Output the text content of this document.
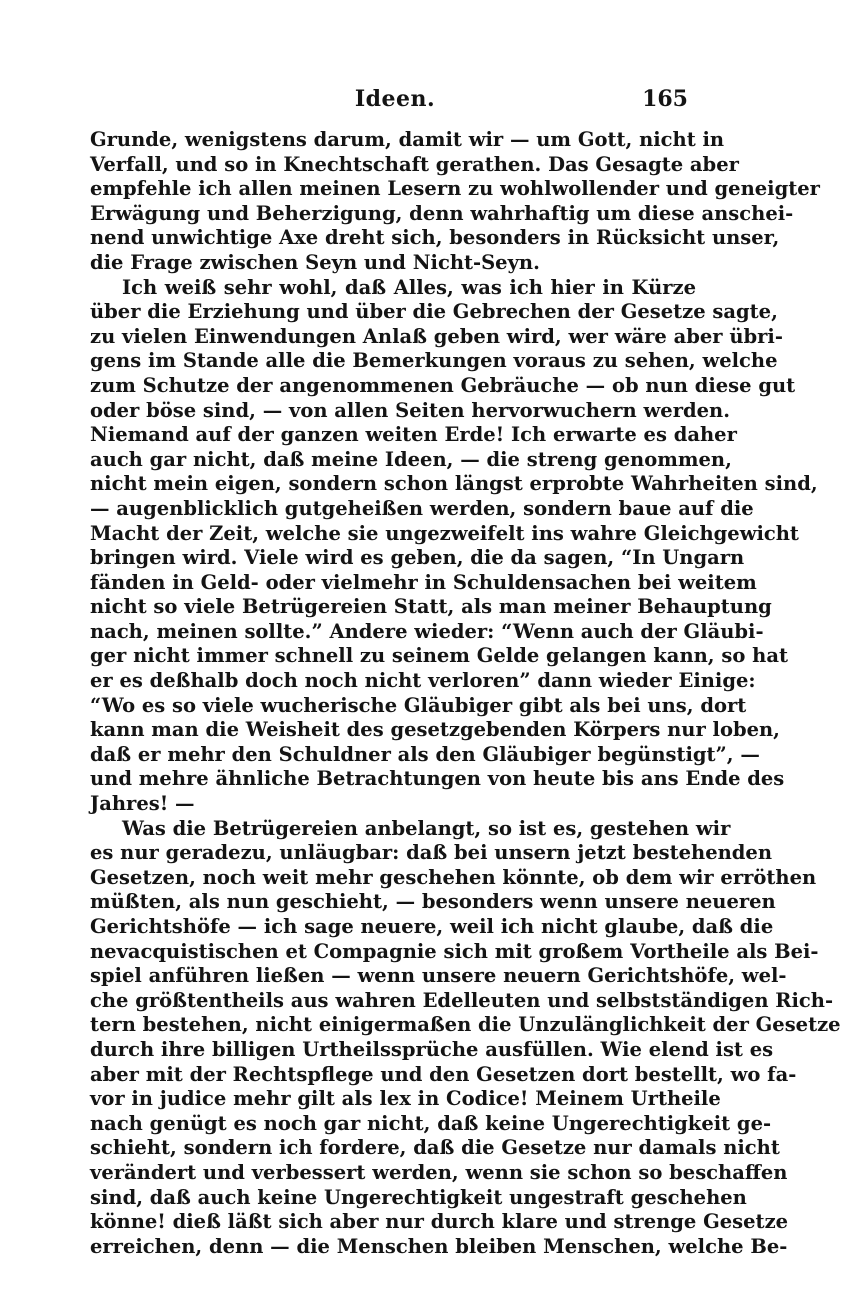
Ideen.	165
Grunde, wenigstens darum, damit wir — um Gott, nicht in
Verfall, und so in Knechtschaft gerathen. Das Gesagte aber
empfehle ich allen meinen Lesern zu wohlwollender und geneigter
Erwägung und Beherzigung, denn wahrhaftig um diese anschei-
nend unwichtige Axe dreht sich, besonders in Rücksicht unser,
die Frage zwischen Seyn und Nicht-Seyn.
Ich weiß sehr wohl, daß Alles, was ich hier in Kürze
über die Erziehung und über die Gebrechen der Gesetze sagte,
zu vielen Einwendungen Anlaß geben wird, wer wäre aber übri-
gens im Stande alle die Bemerkungen voraus zu sehen, welche
zum Schutze der angenommenen Gebräuche — ob nun diese gut
oder böse sind, — von allen Seiten hervorwuchern werden.
Niemand auf der ganzen weiten Erde! Ich erwarte es daher
auch gar nicht, daß meine Ideen, — die streng genommen,
nicht mein eigen, sondern schon längst erprobte Wahrheiten sind,
— augenblicklich gutgeheißen werden, sondern baue auf die
Macht der Zeit, welche sie ungezweifelt ins wahre Gleichgewicht
bringen wird. Viele wird es geben, die da sagen, “In Ungarn
fänden in Geld- oder vielmehr in Schuldensachen bei weitem
nicht so viele Betrügereien Statt, als man meiner Behauptung
nach, meinen sollte.” Andere wieder: “Wenn auch der Gläubi-
ger nicht immer schnell zu seinem Gelde gelangen kann, so hat
er es deßhalb doch noch nicht verloren” dann wieder Einige:
“Wo es so viele wucherische Gläubiger gibt als bei uns, dort
kann man die Weisheit des gesetzgebenden Körpers nur loben,
daß er mehr den Schuldner als den Gläubiger begünstigt”, —
und mehre ähnliche Betrachtungen von heute bis ans Ende des
Jahres! —
Was die Betrügereien anbelangt, so ist es, gestehen wir
es nur geradezu, unläugbar: daß bei unsern jetzt bestehenden
Gesetzen, noch weit mehr geschehen könnte, ob dem wir erröthen
müßten, als nun geschieht, — besonders wenn unsere neueren
Gerichtshöfe — ich sage neuere, weil ich nicht glaube, daß die
nevacquistischen et Compagnie sich mit großem Vortheile als Bei-
spiel anführen ließen — wenn unsere neuern Gerichtshöfe, wel-
che größtentheils aus wahren Edelleuten und selbstständigen Rich-
tern bestehen, nicht einigermaßen die Unzulänglichkeit der Gesetze
durch ihre billigen Urtheilssprüche ausfüllen. Wie elend ist es
aber mit der Rechtspflege und den Gesetzen dort bestellt, wo fa-
vor in judice mehr gilt als lex in Codice! Meinem Urtheile
nach genügt es noch gar nicht, daß keine Ungerechtigkeit ge-
schieht, sondern ich fordere, daß die Gesetze nur damals nicht
verändert und verbessert werden, wenn sie schon so beschaffen
sind, daß auch keine Ungerechtigkeit ungestraft geschehen
könne! dieß läßt sich aber nur durch klare und strenge Gesetze
erreichen, denn — die Menschen bleiben Menschen, welche Be-
